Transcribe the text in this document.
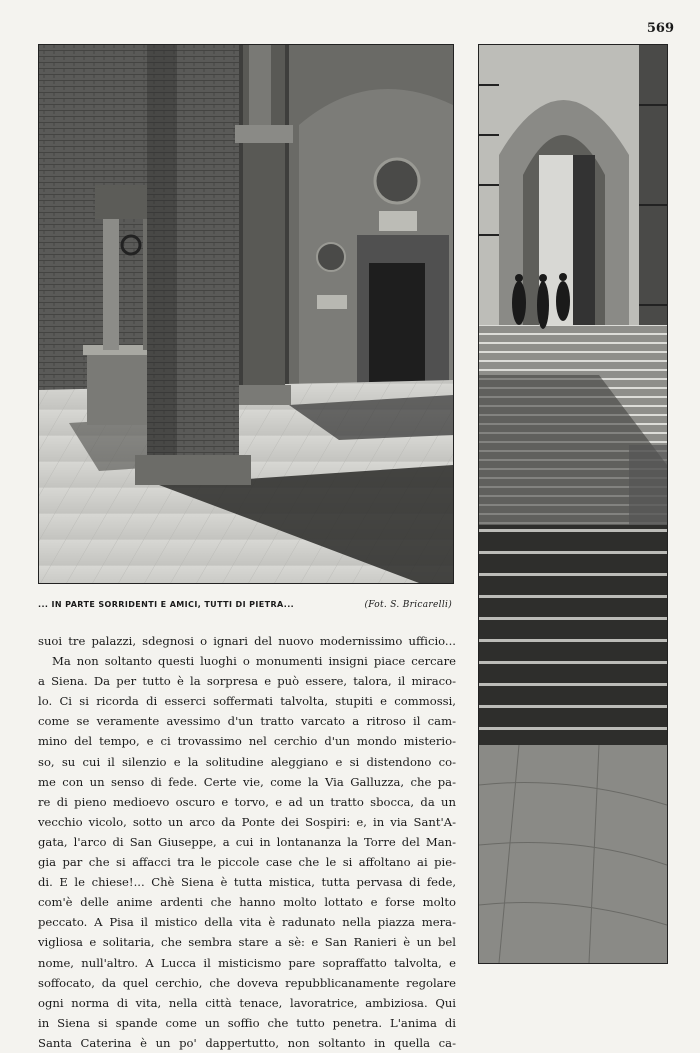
569
... IN PARTE SORRIDENTI E AMICI, TUTTI DI PIETRA...	(Fot. S. Bricarelli)
suoi tre palazzi, sdegnosi o ignari del nuovo modernissimo ufficio...
Ma non soltanto questi luoghi o monumenti insigni piace cercare
a Siena. Da per tutto è la sorpresa e può essere, talora, il miraco-
lo. Ci si ricorda di esserci soffermati talvolta, stupiti e commossi,
come se veramente avessimo d'un tratto varcato a ritroso il cam-
mino del tempo, e ci trovassimo nel cerchio d'un mondo misterio-
so, su cui il silenzio e la solitudine aleggiano e si distendono co-
me con un senso di fede. Certe vie, come la Via Galluzza, che pa-
re di pieno medioevo oscuro e torvo, e ad un tratto sbocca, da un
vecchio vicolo, sotto un arco da Ponte dei Sospiri: e, in via Sant'A-
gata, l'arco di San Giuseppe, a cui in lontananza la Torre del Man-
gia par che si affacci tra le piccole case che le si affoltano ai pie-
di. E le chiese!... Chè Siena è tutta mistica, tutta pervasa di fede,
com'è delle anime ardenti che hanno molto lottato e forse molto
peccato. A Pisa il mistico della vita è radunato nella piazza mera-
vigliosa e solitaria, che sembra stare a sè: e San Ranieri è un bel
nome, null'altro. A Lucca il misticismo pare sopraffatto talvolta, e
soffocato, da quel cerchio, che doveva repubblicanamente regolare
ogni norma di vita, nella città tenace, lavoratrice, ambiziosa. Qui
in Siena si spande come un soffio che tutto penetra. L'anima di
Santa Caterina è un po' dappertutto, non soltanto in quella ca-
